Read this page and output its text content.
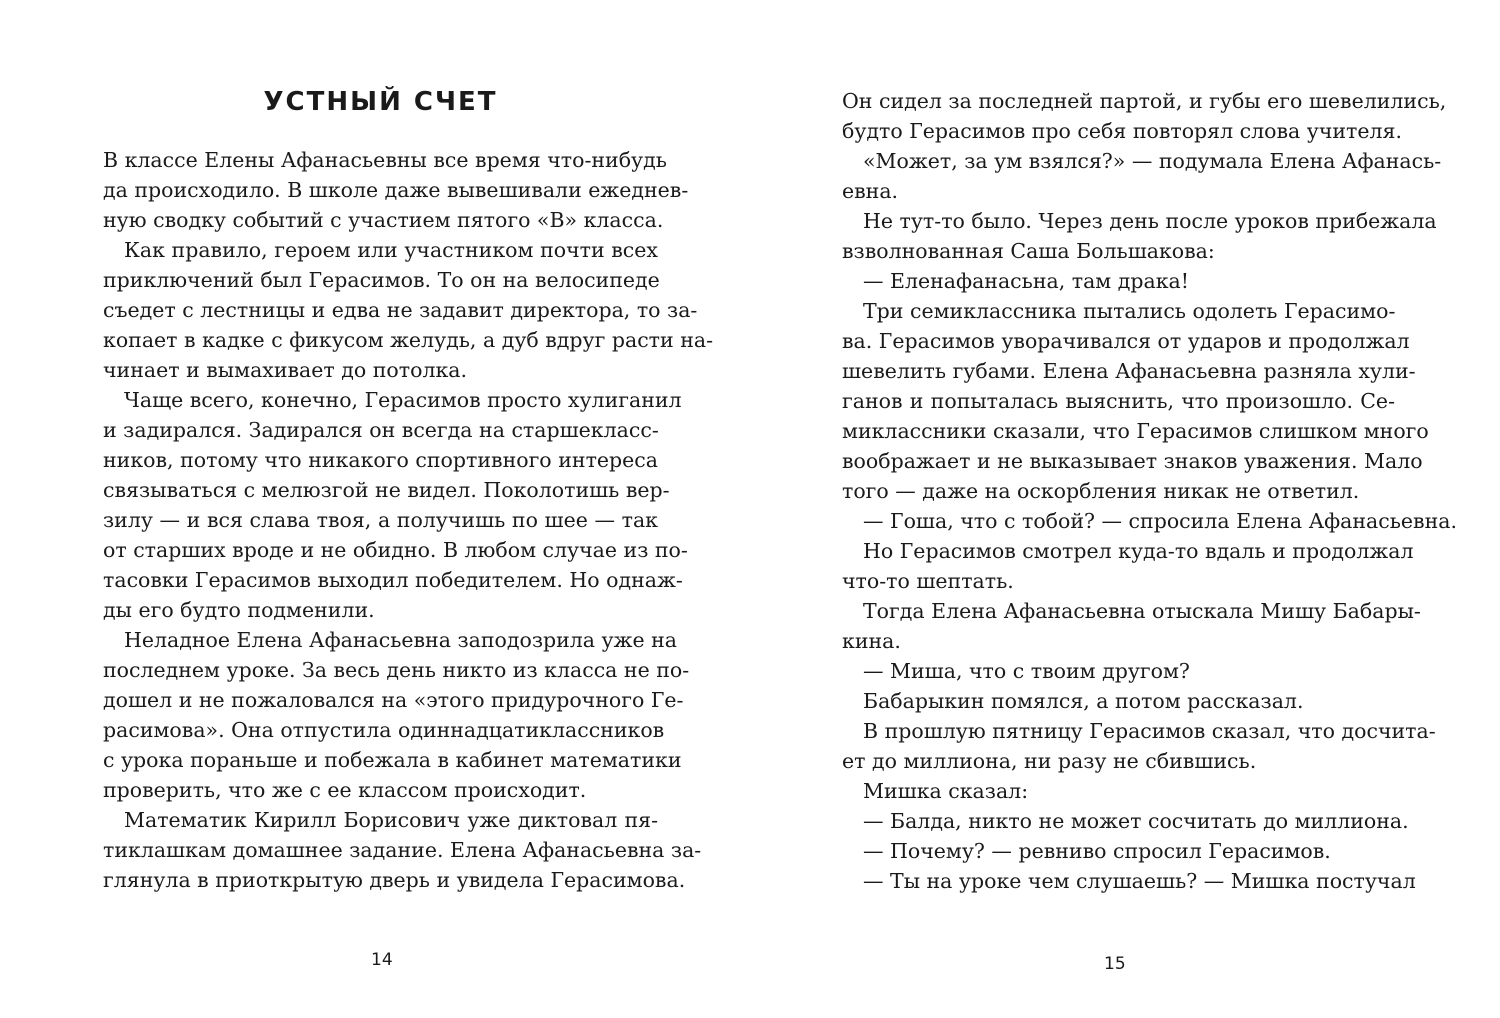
УСТНЫЙ СЧЕТ
В классе Елены Афанасьевны все время что-нибудь
да происходило. В школе даже вывешивали ежеднев-
ную сводку событий с участием пятого «В» класса.
Как правило, героем или участником почти всех
приключений был Герасимов. То он на велосипеде
съедет с лестницы и едва не задавит директора, то за-
копает в кадке с фикусом желудь, а дуб вдруг расти на-
чинает и вымахивает до потолка.
Чаще всего, конечно, Герасимов просто хулиганил
и задирался. Задирался он всегда на старшекласс-
ников, потому что никакого спортивного интереса
связываться с мелюзгой не видел. Поколотишь вер-
зилу — и вся слава твоя, а получишь по шее — так
от старших вроде и не обидно. В любом случае из по-
тасовки Герасимов выходил победителем. Но однаж-
ды его будто подменили.
Неладное Елена Афанасьевна заподозрила уже на
последнем уроке. За весь день никто из класса не по-
дошел и не пожаловался на «этого придурочного Ге-
расимова». Она отпустила одиннадцатиклассников
с урока пораньше и побежала в кабинет математики
проверить, что же с ее классом происходит.
Математик Кирилл Борисович уже диктовал пя-
тиклашкам домашнее задание. Елена Афанасьевна за-
глянула в приоткрытую дверь и увидела Герасимова.
14
Он сидел за последней партой, и губы его шевелились,
будто Герасимов про себя повторял слова учителя.
«Может, за ум взялся?» — подумала Елена Афанась-
евна.
Не тут-то было. Через день после уроков прибежала
взволнованная Саша Большакова:
— Еленафанасьна, там драка!
Три семиклассника пытались одолеть Герасимо-
ва. Герасимов уворачивался от ударов и продолжал
шевелить губами. Елена Афанасьевна разняла хули-
ганов и попыталась выяснить, что произошло. Се-
миклассники сказали, что Герасимов слишком много
воображает и не выказывает знаков уважения. Мало
того — даже на оскорбления никак не ответил.
— Гоша, что с тобой? — спросила Елена Афанасьевна.
Но Герасимов смотрел куда-то вдаль и продолжал
что-то шептать.
Тогда Елена Афанасьевна отыскала Мишу Бабары-
кина.
— Миша, что с твоим другом?
Бабарыкин помялся, а потом рассказал.
В прошлую пятницу Герасимов сказал, что досчита-
ет до миллиона, ни разу не сбившись.
Мишка сказал:
— Балда, никто не может сосчитать до миллиона.
— Почему? — ревниво спросил Герасимов.
— Ты на уроке чем слушаешь? — Мишка постучал
15
